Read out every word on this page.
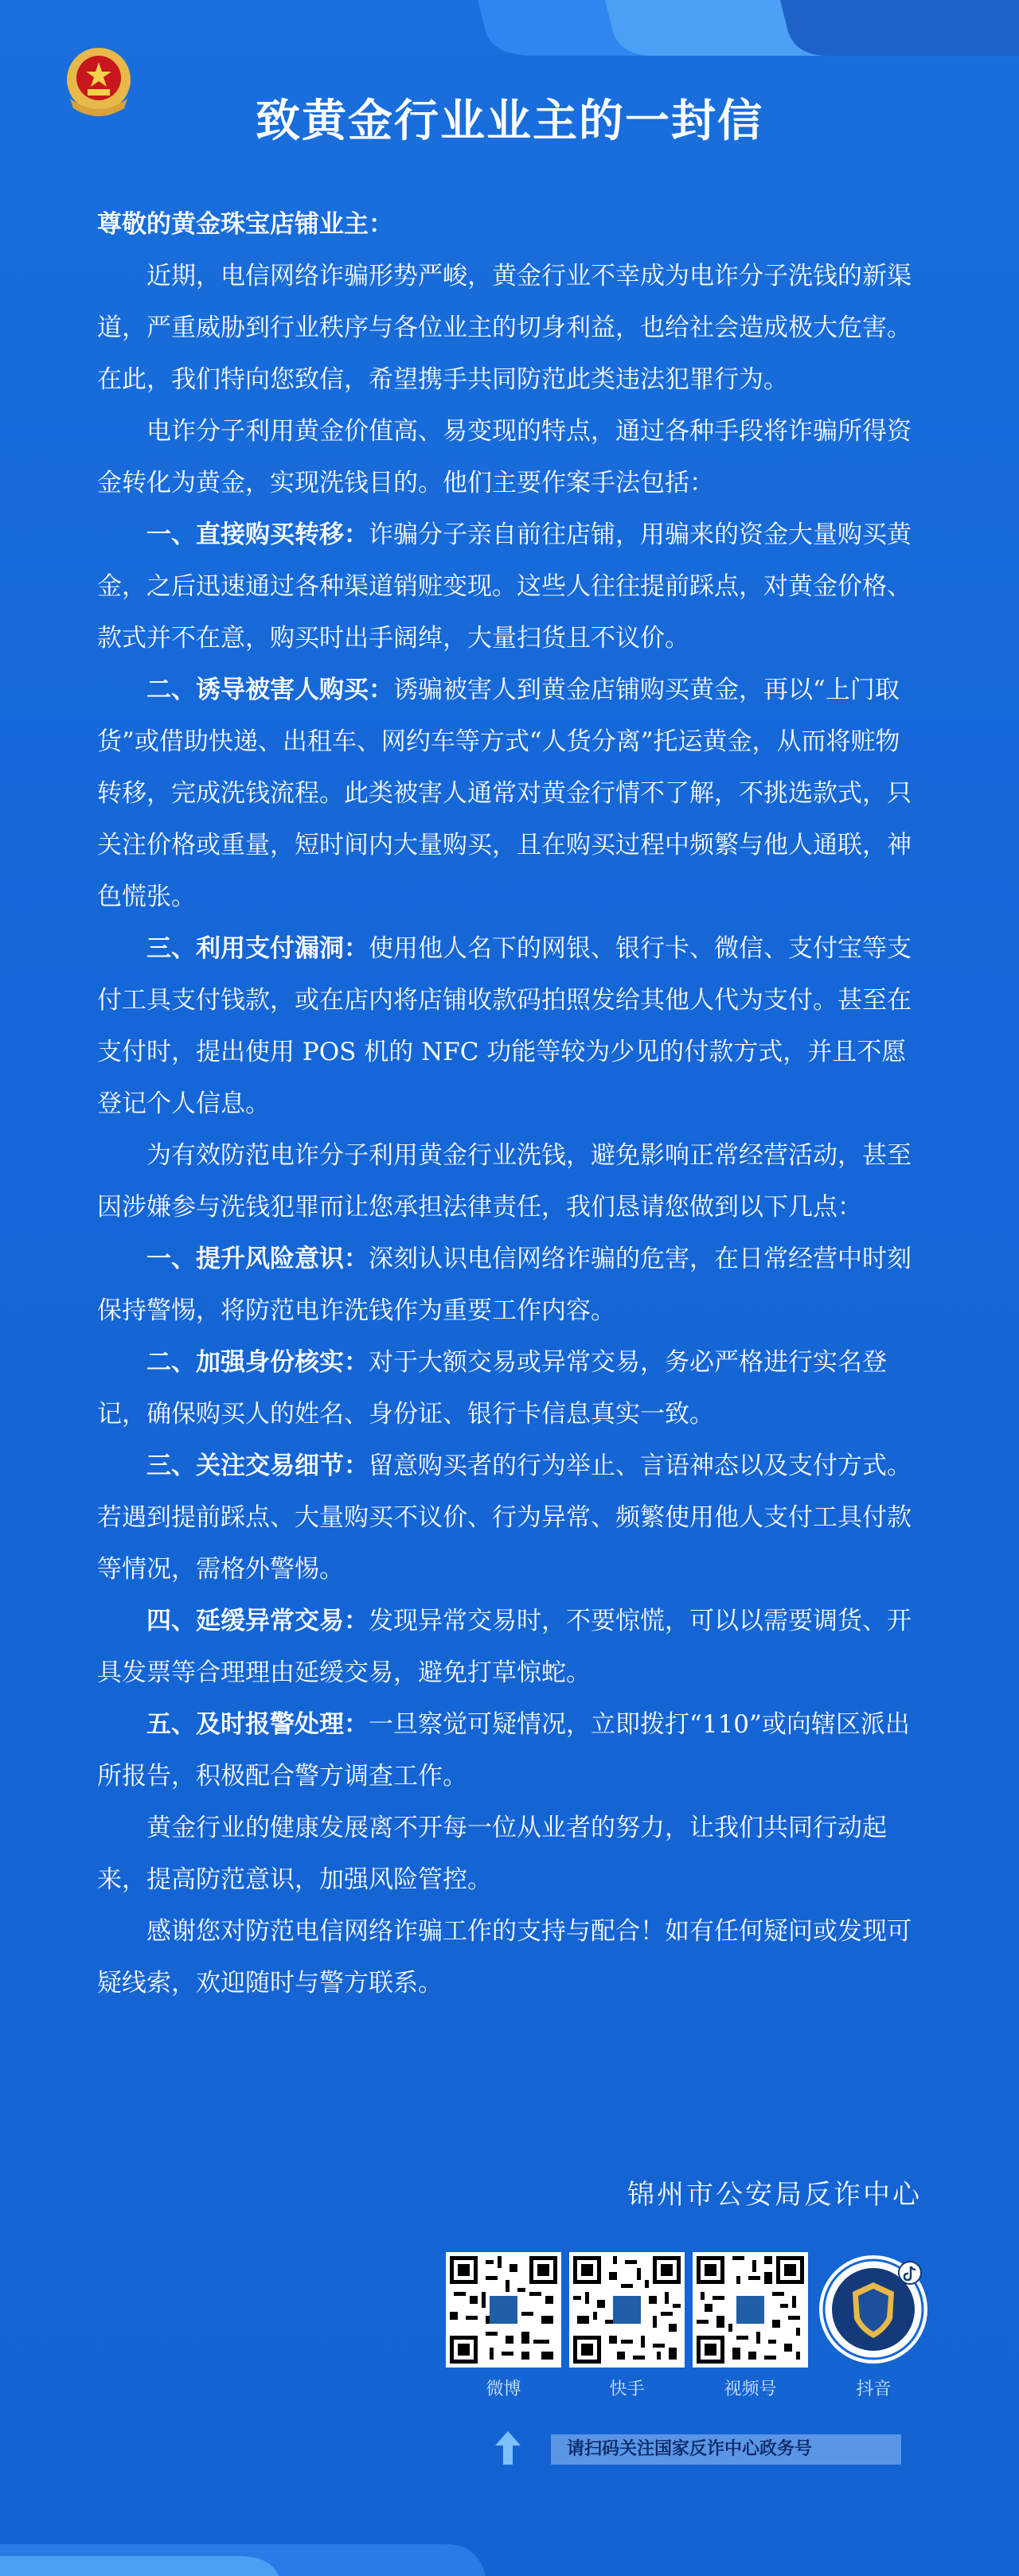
致黄金行业业主的一封信

尊敬的黄金珠宝店铺业主：

近期，电信网络诈骗形势严峻，黄金行业不幸成为电诈分子洗钱的新渠道，严重威胁到行业秩序与各位业主的切身利益，也给社会造成极大危害。在此，我们特向您致信，希望携手共同防范此类违法犯罪行为。

电诈分子利用黄金价值高、易变现的特点，通过各种手段将诈骗所得资金转化为黄金，实现洗钱目的。他们主要作案手法包括：

一、直接购买转移：诈骗分子亲自前往店铺，用骗来的资金大量购买黄金，之后迅速通过各种渠道销赃变现。这些人往往提前踩点，对黄金价格、款式并不在意，购买时出手阔绰，大量扫货且不议价。

二、诱导被害人购买：诱骗被害人到黄金店铺购买黄金，再以“上门取货”或借助快递、出租车、网约车等方式“人货分离”托运黄金，从而将赃物转移，完成洗钱流程。此类被害人通常对黄金行情不了解，不挑选款式，只关注价格或重量，短时间内大量购买，且在购买过程中频繁与他人通联，神色慌张。

三、利用支付漏洞：使用他人名下的网银、银行卡、微信、支付宝等支付工具支付钱款，或在店内将店铺收款码拍照发给其他人代为支付。甚至在支付时，提出使用 POS 机的 NFC 功能等较为少见的付款方式，并且不愿登记个人信息。

为有效防范电诈分子利用黄金行业洗钱，避免影响正常经营活动，甚至因涉嫌参与洗钱犯罪而让您承担法律责任，我们恳请您做到以下几点：

一、提升风险意识：深刻认识电信网络诈骗的危害，在日常经营中时刻保持警惕，将防范电诈洗钱作为重要工作内容。

二、加强身份核实：对于大额交易或异常交易，务必严格进行实名登记，确保购买人的姓名、身份证、银行卡信息真实一致。

三、关注交易细节：留意购买者的行为举止、言语神态以及支付方式。若遇到提前踩点、大量购买不议价、行为异常、频繁使用他人支付工具付款等情况，需格外警惕。

四、延缓异常交易：发现异常交易时，不要惊慌，可以以需要调货、开具发票等合理理由延缓交易，避免打草惊蛇。

五、及时报警处理：一旦察觉可疑情况，立即拨打“110”或向辖区派出所报告，积极配合警方调查工作。

黄金行业的健康发展离不开每一位从业者的努力，让我们共同行动起来，提高防范意识，加强风险管控。

感谢您对防范电信网络诈骗工作的支持与配合！如有任何疑问或发现可疑线索，欢迎随时与警方联系。

锦州市公安局反诈中心
微博	快手	视频号	抖音
请扫码关注国家反诈中心政务号
